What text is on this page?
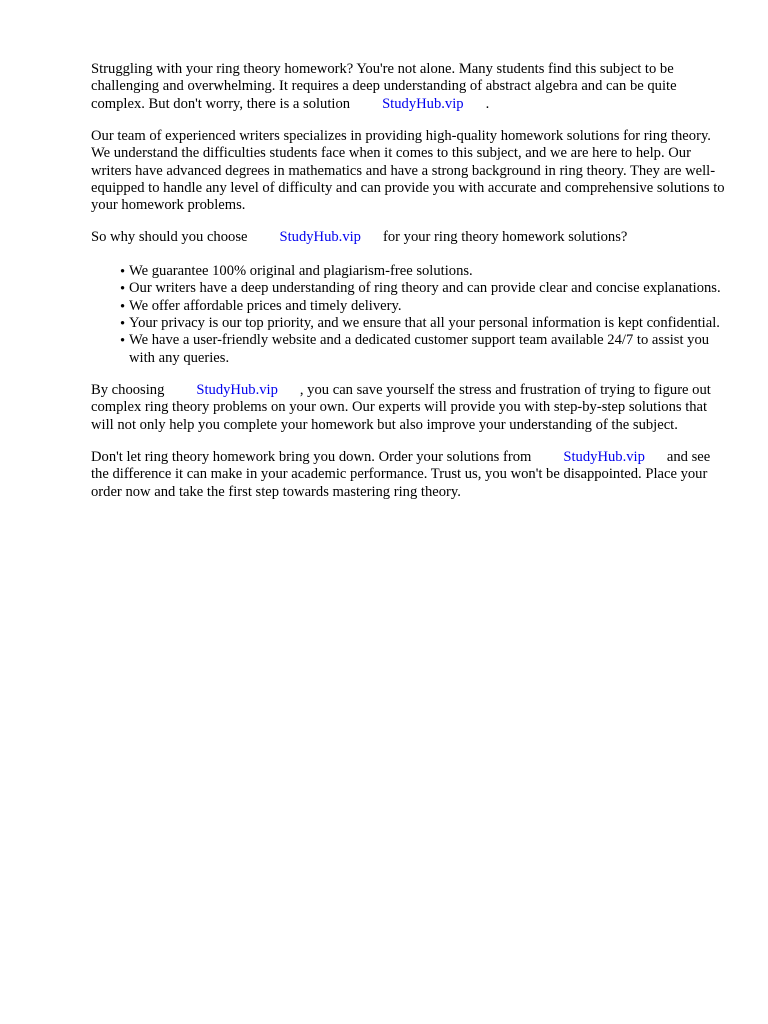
Struggling with your ring theory homework? You're not alone. Many students find this subject to be challenging and overwhelming. It requires a deep understanding of abstract algebra and can be quite complex. But don't worry, there is a solution StudyHub.vip .

Our team of experienced writers specializes in providing high-quality homework solutions for ring theory. We understand the difficulties students face when it comes to this subject, and we are here to help. Our writers have advanced degrees in mathematics and have a strong background in ring theory. They are well-equipped to handle any level of difficulty and can provide you with accurate and comprehensive solutions to your homework problems.

So why should you choose StudyHub.vip for your ring theory homework solutions?

• We guarantee 100% original and plagiarism-free solutions.
• Our writers have a deep understanding of ring theory and can provide clear and concise explanations.
• We offer affordable prices and timely delivery.
• Your privacy is our top priority, and we ensure that all your personal information is kept confidential.
• We have a user-friendly website and a dedicated customer support team available 24/7 to assist you with any queries.

By choosing StudyHub.vip , you can save yourself the stress and frustration of trying to figure out complex ring theory problems on your own. Our experts will provide you with step-by-step solutions that will not only help you complete your homework but also improve your understanding of the subject.

Don't let ring theory homework bring you down. Order your solutions from StudyHub.vip and see the difference it can make in your academic performance. Trust us, you won't be disappointed. Place your order now and take the first step towards mastering ring theory.
